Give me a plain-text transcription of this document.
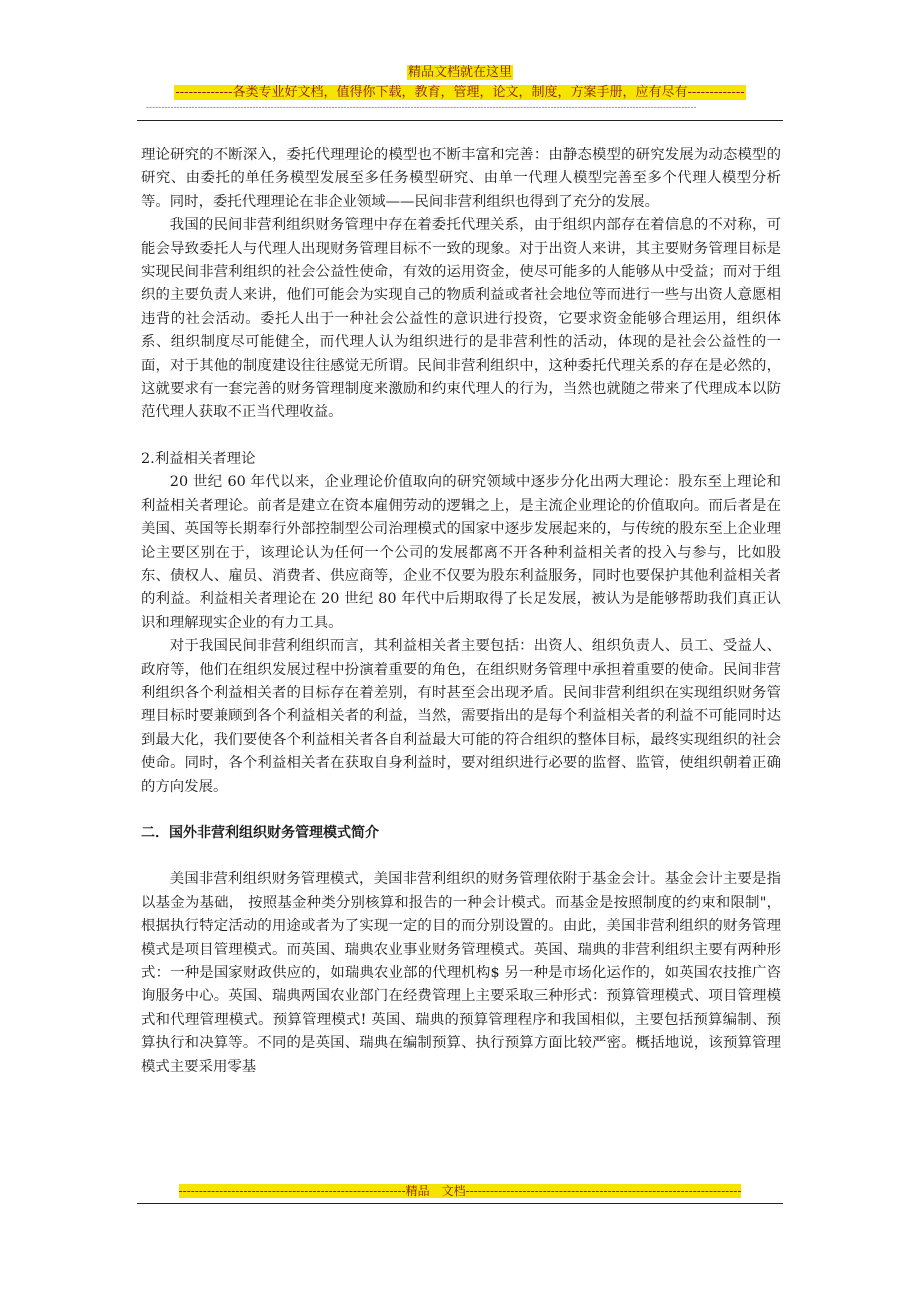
精品文档就在这里
-------------各类专业好文档，值得你下载，教育，管理，论文，制度，方案手册，应有尽有-------------
-------------------------------------------------------------------------------------------------------------------------------------------------------------------------------------

理论研究的不断深入，委托代理理论的模型也不断丰富和完善：由静态模型的研究发展为动态模型的研究、由委托的单任务模型发展至多任务模型研究、由单一代理人模型完善至多个代理人模型分析等。同时，委托代理理论在非企业领域——民间非营利组织也得到了充分的发展。

我国的民间非营利组织财务管理中存在着委托代理关系，由于组织内部存在着信息的不对称，可能会导致委托人与代理人出现财务管理目标不一致的现象。对于出资人来讲，其主要财务管理目标是实现民间非营利组织的社会公益性使命，有效的运用资金，使尽可能多的人能够从中受益；而对于组织的主要负责人来讲，他们可能会为实现自己的物质利益或者社会地位等而进行一些与出资人意愿相违背的社会活动。委托人出于一种社会公益性的意识进行投资，它要求资金能够合理运用，组织体系、组织制度尽可能健全，而代理人认为组织进行的是非营利性的活动，体现的是社会公益性的一面，对于其他的制度建设往往感觉无所谓。民间非营利组织中，这种委托代理关系的存在是必然的，这就要求有一套完善的财务管理制度来激励和约束代理人的行为，当然也就随之带来了代理成本以防范代理人获取不正当代理收益。

2.利益相关者理论

20 世纪 60 年代以来，企业理论价值取向的研究领域中逐步分化出两大理论：股东至上理论和利益相关者理论。前者是建立在资本雇佣劳动的逻辑之上，是主流企业理论的价值取向。而后者是在美国、英国等长期奉行外部控制型公司治理模式的国家中逐步发展起来的，与传统的股东至上企业理论主要区别在于，该理论认为任何一个公司的发展都离不开各种利益相关者的投入与参与，比如股东、债权人、雇员、消费者、供应商等，企业不仅要为股东利益服务，同时也要保护其他利益相关者的利益。利益相关者理论在 20 世纪 80 年代中后期取得了长足发展，被认为是能够帮助我们真正认识和理解现实企业的有力工具。

对于我国民间非营利组织而言，其利益相关者主要包括：出资人、组织负责人、员工、受益人、政府等，他们在组织发展过程中扮演着重要的角色，在组织财务管理中承担着重要的使命。民间非营利组织各个利益相关者的目标存在着差别，有时甚至会出现矛盾。民间非营利组织在实现组织财务管理目标时要兼顾到各个利益相关者的利益，当然，需要指出的是每个利益相关者的利益不可能同时达到最大化，我们要使各个利益相关者各自利益最大可能的符合组织的整体目标，最终实现组织的社会使命。同时，各个利益相关者在获取自身利益时，要对组织进行必要的监督、监管，使组织朝着正确的方向发展。

二．国外非营利组织财务管理模式简介

美国非营利组织财务管理模式，美国非营利组织的财务管理依附于基金会计。基金会计主要是指以基金为基础， 按照基金种类分别核算和报告的一种会计模式。而基金是按照制度的约束和限制"，根据执行特定活动的用途或者为了实现一定的目的而分别设置的。由此，美国非营利组织的财务管理模式是项目管理模式。而英国、瑞典农业事业财务管理模式。英国、瑞典的非营利组织主要有两种形式：一种是国家财政供应的，如瑞典农业部的代理机构$ 另一种是市场化运作的，如英国农技推广咨询服务中心。英国、瑞典两国农业部门在经费管理上主要采取三种形式：预算管理模式、项目管理模式和代理管理模式。预算管理模式! 英国、瑞典的预算管理程序和我国相似，主要包括预算编制、预算执行和决算等。不同的是英国、瑞典在编制预算、执行预算方面比较严密。概括地说，该预算管理模式主要采用零基

--------------------------------------------------------精品　文档--------------------------------------------------------------------
